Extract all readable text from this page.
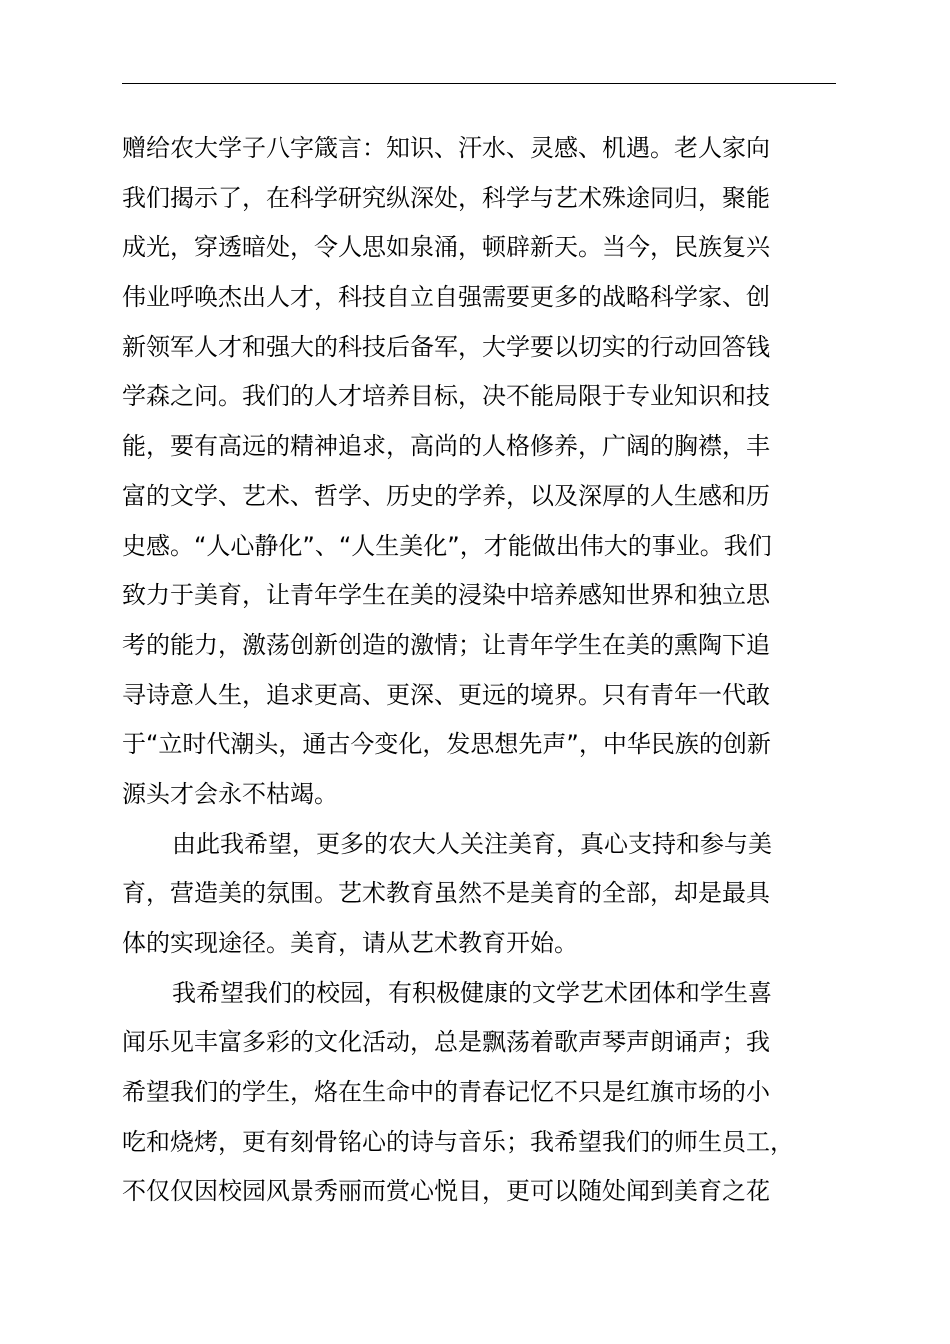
赠给农大学子八字箴言：知识、汗水、灵感、机遇。老人家向
我们揭示了，在科学研究纵深处，科学与艺术殊途同归，聚能
成光，穿透暗处，令人思如泉涌，顿辟新天。当今，民族复兴
伟业呼唤杰出人才，科技自立自强需要更多的战略科学家、创
新领军人才和强大的科技后备军，大学要以切实的行动回答钱
学森之问。我们的人才培养目标，决不能局限于专业知识和技
能，要有高远的精神追求，高尚的人格修养，广阔的胸襟，丰
富的文学、艺术、哲学、历史的学养，以及深厚的人生感和历
史感。“人心静化”、“人生美化”，才能做出伟大的事业。我们
致力于美育，让青年学生在美的浸染中培养感知世界和独立思
考的能力，激荡创新创造的激情；让青年学生在美的熏陶下追
寻诗意人生，追求更高、更深、更远的境界。只有青年一代敢
于“立时代潮头，通古今变化，发思想先声”，中华民族的创新
源头才会永不枯竭。
由此我希望，更多的农大人关注美育，真心支持和参与美
育，营造美的氛围。艺术教育虽然不是美育的全部，却是最具
体的实现途径。美育，请从艺术教育开始。
我希望我们的校园，有积极健康的文学艺术团体和学生喜
闻乐见丰富多彩的文化活动，总是飘荡着歌声琴声朗诵声；我
希望我们的学生，烙在生命中的青春记忆不只是红旗市场的小
吃和烧烤，更有刻骨铭心的诗与音乐；我希望我们的师生员工，
不仅仅因校园风景秀丽而赏心悦目，更可以随处闻到美育之花
